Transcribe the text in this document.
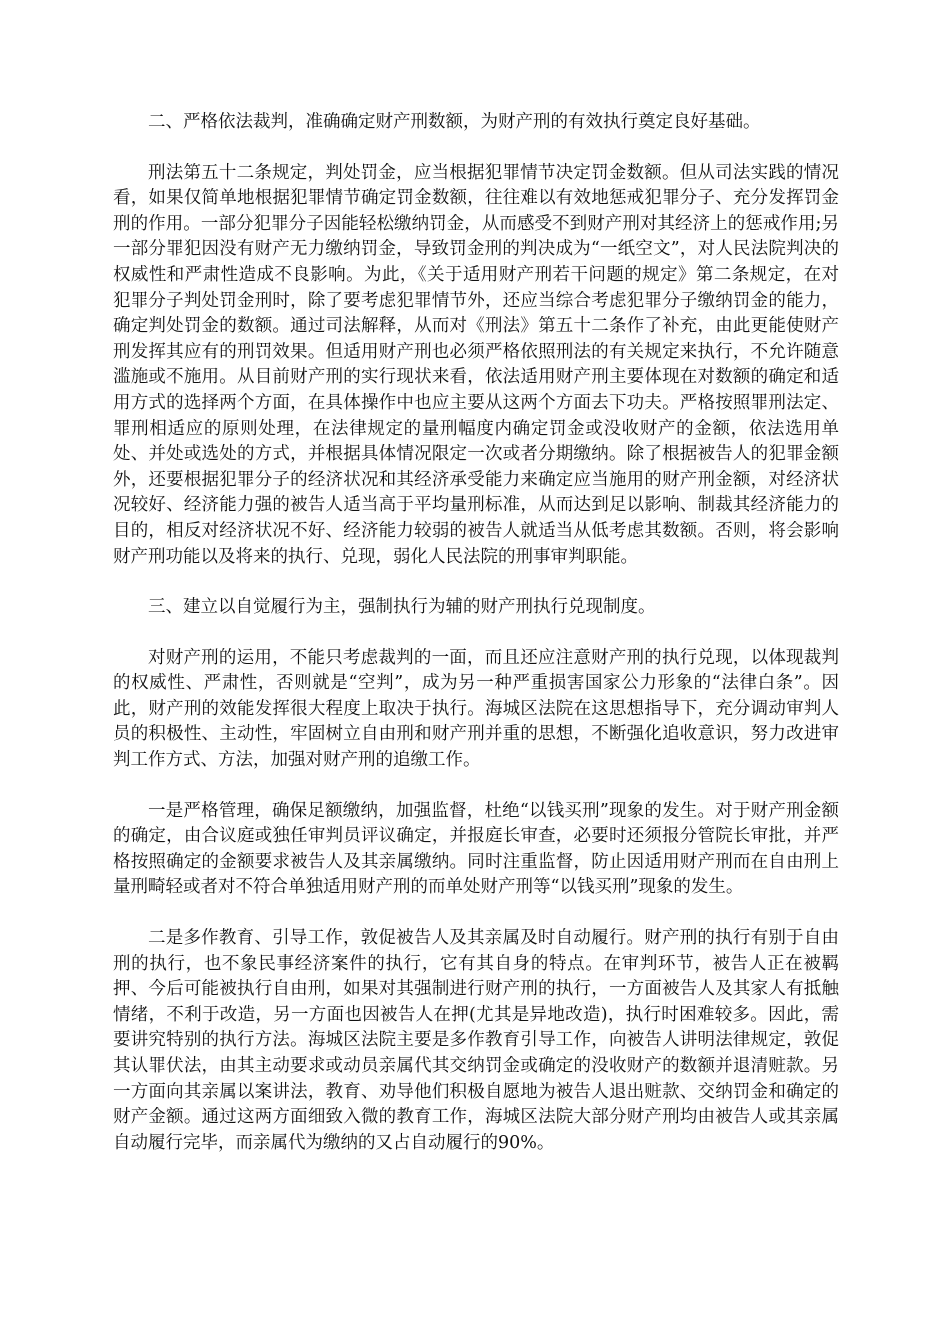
二、严格依法裁判，准确确定财产刑数额，为财产刑的有效执行奠定良好基础。

刑法第五十二条规定，判处罚金，应当根据犯罪情节决定罚金数额。但从司法实践的情况看，如果仅简单地根据犯罪情节确定罚金数额，往往难以有效地惩戒犯罪分子、充分发挥罚金刑的作用。一部分犯罪分子因能轻松缴纳罚金，从而感受不到财产刑对其经济上的惩戒作用;另一部分罪犯因没有财产无力缴纳罚金，导致罚金刑的判决成为“一纸空文”，对人民法院判决的权威性和严肃性造成不良影响。为此，《关于适用财产刑若干问题的规定》第二条规定，在对犯罪分子判处罚金刑时，除了要考虑犯罪情节外，还应当综合考虑犯罪分子缴纳罚金的能力，确定判处罚金的数额。通过司法解释，从而对《刑法》第五十二条作了补充，由此更能使财产刑发挥其应有的刑罚效果。但适用财产刑也必须严格依照刑法的有关规定来执行，不允许随意滥施或不施用。从目前财产刑的实行现状来看，依法适用财产刑主要体现在对数额的确定和适用方式的选择两个方面，在具体操作中也应主要从这两个方面去下功夫。严格按照罪刑法定、罪刑相适应的原则处理，在法律规定的量刑幅度内确定罚金或没收财产的金额，依法选用单处、并处或选处的方式，并根据具体情况限定一次或者分期缴纳。除了根据被告人的犯罪金额外，还要根据犯罪分子的经济状况和其经济承受能力来确定应当施用的财产刑金额，对经济状况较好、经济能力强的被告人适当高于平均量刑标准，从而达到足以影响、制裁其经济能力的目的，相反对经济状况不好、经济能力较弱的被告人就适当从低考虑其数额。否则，将会影响财产刑功能以及将来的执行、兑现，弱化人民法院的刑事审判职能。

三、建立以自觉履行为主，强制执行为辅的财产刑执行兑现制度。

对财产刑的运用，不能只考虑裁判的一面，而且还应注意财产刑的执行兑现，以体现裁判的权威性、严肃性，否则就是“空判”，成为另一种严重损害国家公力形象的“法律白条”。因此，财产刑的效能发挥很大程度上取决于执行。海城区法院在这思想指导下，充分调动审判人员的积极性、主动性，牢固树立自由刑和财产刑并重的思想，不断强化追收意识，努力改进审判工作方式、方法，加强对财产刑的追缴工作。

一是严格管理，确保足额缴纳，加强监督，杜绝“以钱买刑”现象的发生。对于财产刑金额的确定，由合议庭或独任审判员评议确定，并报庭长审查，必要时还须报分管院长审批，并严格按照确定的金额要求被告人及其亲属缴纳。同时注重监督，防止因适用财产刑而在自由刑上量刑畸轻或者对不符合单独适用财产刑的而单处财产刑等“以钱买刑”现象的发生。

二是多作教育、引导工作，敦促被告人及其亲属及时自动履行。财产刑的执行有别于自由刑的执行，也不象民事经济案件的执行，它有其自身的特点。在审判环节，被告人正在被羁押、今后可能被执行自由刑，如果对其强制进行财产刑的执行，一方面被告人及其家人有抵触情绪，不利于改造，另一方面也因被告人在押(尤其是异地改造)，执行时困难较多。因此，需要讲究特别的执行方法。海城区法院主要是多作教育引导工作，向被告人讲明法律规定，敦促其认罪伏法，由其主动要求或动员亲属代其交纳罚金或确定的没收财产的数额并退清赃款。另一方面向其亲属以案讲法，教育、劝导他们积极自愿地为被告人退出赃款、交纳罚金和确定的财产金额。通过这两方面细致入微的教育工作，海城区法院大部分财产刑均由被告人或其亲属自动履行完毕，而亲属代为缴纳的又占自动履行的90%。
